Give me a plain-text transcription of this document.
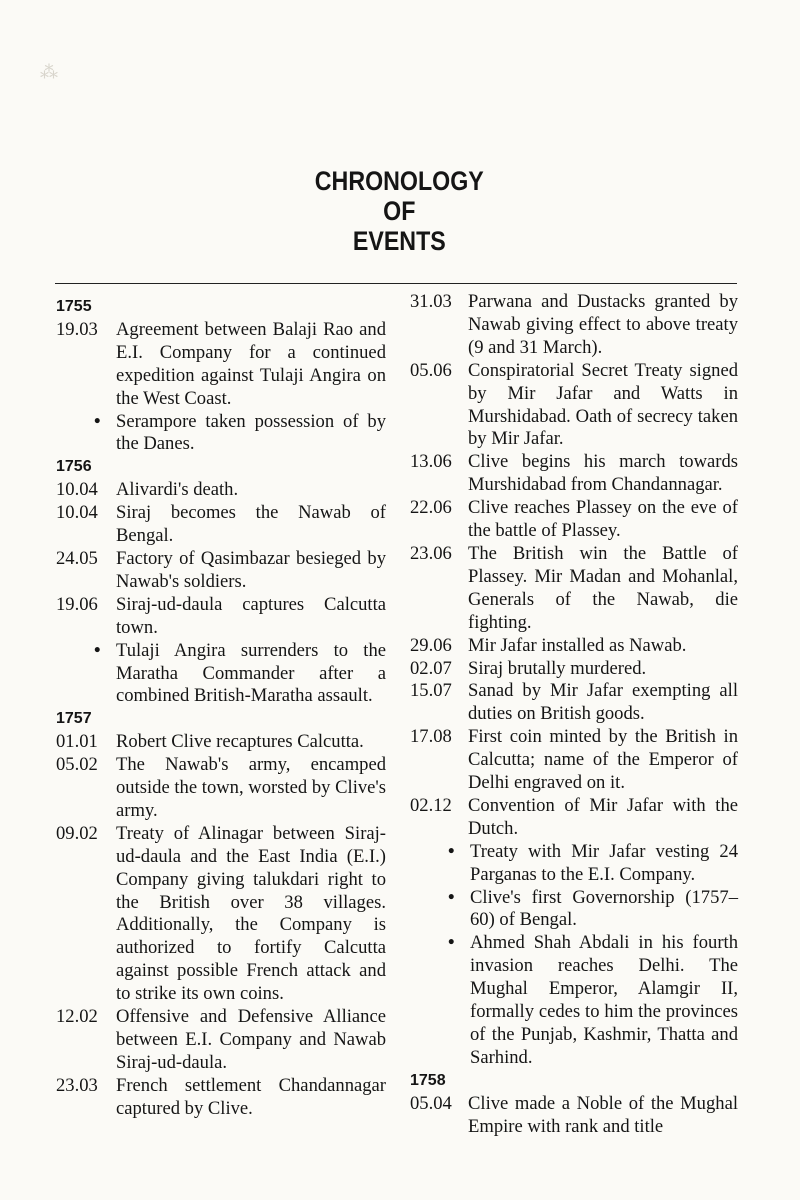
⁂
CHRONOLOGY
OF
EVENTS
1755
19.03 Agreement between Balaji Rao and E.I. Company for a continued expedition against Tulaji Angira on the West Coast.
• Serampore taken possession of by the Danes.
1756
10.04 Alivardi's death.
10.04 Siraj becomes the Nawab of Bengal.
24.05 Factory of Qasimbazar besieged by Nawab's soldiers.
19.06 Siraj-ud-daula captures Calcutta town.
• Tulaji Angira surrenders to the Maratha Commander after a combined British-Maratha assault.
1757
01.01 Robert Clive recaptures Calcutta.
05.02 The Nawab's army, encamped outside the town, worsted by Clive's army.
09.02 Treaty of Alinagar between Siraj-ud-daula and the East India (E.I.) Company giving talukdari right to the British over 38 villages. Additionally, the Company is authorized to fortify Calcutta against possible French attack and to strike its own coins.
12.02 Offensive and Defensive Alliance between E.I. Company and Nawab Siraj-ud-daula.
23.03 French settlement Chandannagar captured by Clive.
31.03 Parwana and Dustacks granted by Nawab giving effect to above treaty (9 and 31 March).
05.06 Conspiratorial Secret Treaty signed by Mir Jafar and Watts in Murshidabad. Oath of secrecy taken by Mir Jafar.
13.06 Clive begins his march towards Murshidabad from Chandannagar.
22.06 Clive reaches Plassey on the eve of the battle of Plassey.
23.06 The British win the Battle of Plassey. Mir Madan and Mohanlal, Generals of the Nawab, die fighting.
29.06 Mir Jafar installed as Nawab.
02.07 Siraj brutally murdered.
15.07 Sanad by Mir Jafar exempting all duties on British goods.
17.08 First coin minted by the British in Calcutta; name of the Emperor of Delhi engraved on it.
02.12 Convention of Mir Jafar with the Dutch.
• Treaty with Mir Jafar vesting 24 Parganas to the E.I. Company.
• Clive's first Governorship (1757–60) of Bengal.
• Ahmed Shah Abdali in his fourth invasion reaches Delhi. The Mughal Emperor, Alamgir II, formally cedes to him the provinces of the Punjab, Kashmir, Thatta and Sarhind.
1758
05.04 Clive made a Noble of the Mughal Empire with rank and title
